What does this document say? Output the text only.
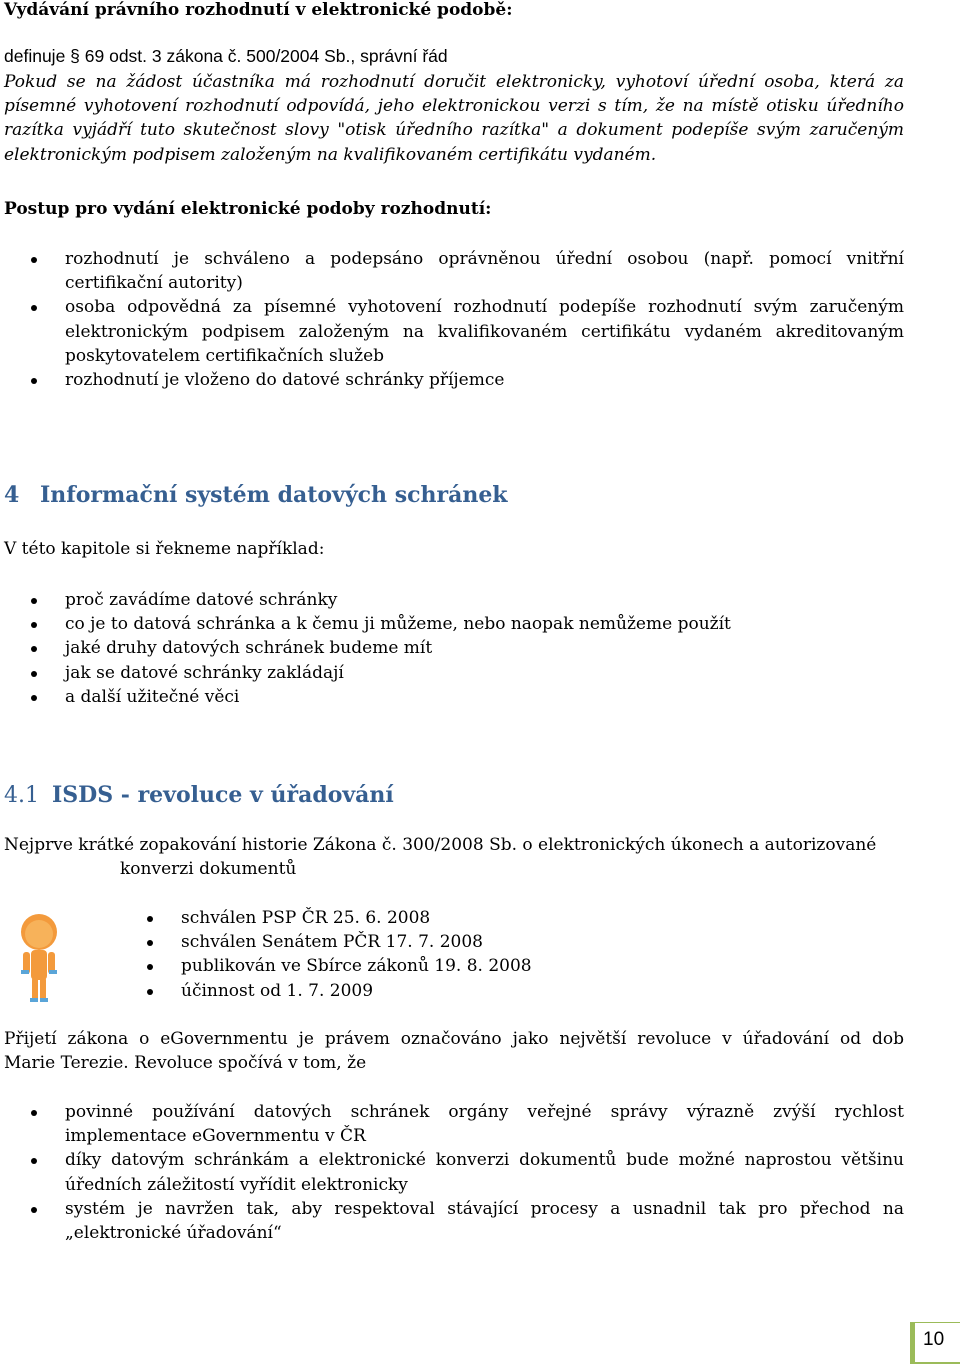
Vydávání právního rozhodnutí v elektronické podobě:
definuje § 69 odst. 3 zákona č. 500/2004 Sb., správní řád
Pokud se na žádost účastníka má rozhodnutí doručit elektronicky, vyhotoví úřední osoba, která za
písemné vyhotovení rozhodnutí odpovídá, jeho elektronickou verzi s tím, že na místě otisku úředního
razítka vyjádří tuto skutečnost slovy "otisk úředního razítka" a dokument podepíše svým zaručeným
elektronickým podpisem založeným na kvalifikovaném certifikátu vydaném.
Postup pro vydání elektronické podoby rozhodnutí:
rozhodnutí je schváleno a podepsáno oprávněnou úřední osobou (např. pomocí vnitřní
certifikační autority)
osoba odpovědná za písemné vyhotovení rozhodnutí podepíše rozhodnutí svým zaručeným
elektronickým podpisem založeným na kvalifikovaném certifikátu vydaném akreditovaným
poskytovatelem certifikačních služeb
rozhodnutí je vloženo do datové schránky příjemce
4 Informační systém datových schránek
V této kapitole si řekneme například:
proč zavádíme datové schránky
co je to datová schránka a k čemu ji můžeme, nebo naopak nemůžeme použít
jaké druhy datových schránek budeme mít
jak se datové schránky zakládají
a další užitečné věci
4.1 ISDS - revoluce v úřadování
Nejprve krátké zopakování historie Zákona č. 300/2008 Sb. o elektronických úkonech a autorizované
konverzi dokumentů
schválen PSP ČR 25. 6. 2008
schválen Senátem PČR 17. 7. 2008
publikován ve Sbírce zákonů 19. 8. 2008
účinnost od 1. 7. 2009
Přijetí zákona o eGovernmentu je právem označováno jako největší revoluce v úřadování od dob
Marie Terezie. Revoluce spočívá v tom, že
povinné používání datových schránek orgány veřejné správy výrazně zvýší rychlost
implementace eGovernmentu v ČR
díky datovým schránkám a elektronické konverzi dokumentů bude možné naprostou většinu
úředních záležitostí vyřídit elektronicky
systém je navržen tak, aby respektoval stávající procesy a usnadnil tak pro přechod na
„elektronické úřadování“
10
